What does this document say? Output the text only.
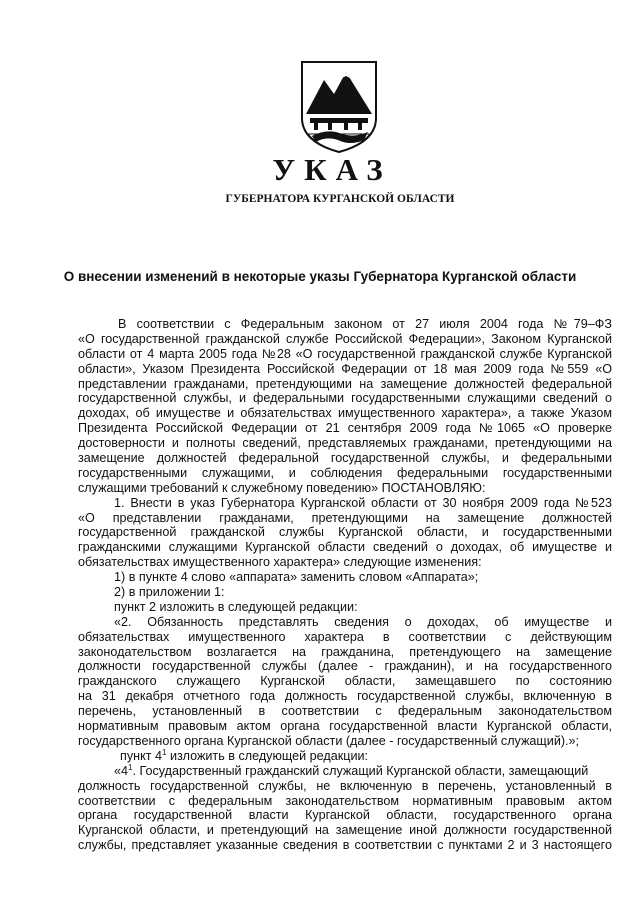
УКАЗ
ГУБЕРНАТОРА КУРГАНСКОЙ ОБЛАСТИ
О внесении изменений в некоторые указы Губернатора Курганской области
В соответствии с Федеральным законом от 27 июля 2004 года №79–ФЗ
«О государственной гражданской службе Российской Федерации», Законом Курганской
области от 4 марта 2005 года №28 «О государственной гражданской службе Курганской
области», Указом Президента Российской Федерации от 18 мая 2009 года №559 «О
представлении гражданами, претендующими на замещение должностей федеральной
государственной службы, и федеральными государственными служащими сведений о
доходах, об имуществе и обязательствах имущественного характера», а также Указом
Президента Российской Федерации от 21 сентября 2009 года №1065 «О проверке
достоверности и полноты сведений, представляемых гражданами, претендующими на
замещение должностей федеральной государственной службы, и федеральными
государственными служащими, и соблюдения федеральными государственными
служащими требований к служебному поведению» ПОСТАНОВЛЯЮ:
1. Внести в указ Губернатора Курганской области от 30 ноября 2009 года №523
«О представлении гражданами, претендующими на замещение должностей
государственной гражданской службы Курганской области, и государственными
гражданскими служащими Курганской области сведений о доходах, об имуществе и
обязательствах имущественного характера» следующие изменения:
1) в пункте 4 слово «аппарата» заменить словом «Аппарата»;
2) в приложении 1:
пункт 2 изложить в следующей редакции:
«2. Обязанность представлять сведения о доходах, об имуществе и
обязательствах имущественного характера в соответствии с действующим
законодательством возлагается на гражданина, претендующего на замещение
должности государственной службы (далее - гражданин), и на государственного
гражданского служащего Курганской области, замещавшего по состоянию
на 31 декабря отчетного года должность государственной службы, включенную в
перечень, установленный в соответствии с федеральным законодательством
нормативным правовым актом органа государственной власти Курганской области,
государственного органа Курганской области (далее - государственный служащий).»;
пункт $4^1$ изложить в следующей редакции:
«$4^1$. Государственный гражданский служащий Курганской области, замещающий
должность государственной службы, не включенную в перечень, установленный в
соответствии с федеральным законодательством нормативным правовым актом
органа государственной власти Курганской области, государственного органа
Курганской области, и претендующий на замещение иной должности государственной
службы, представляет указанные сведения в соответствии с пунктами 2 и 3 настоящего
